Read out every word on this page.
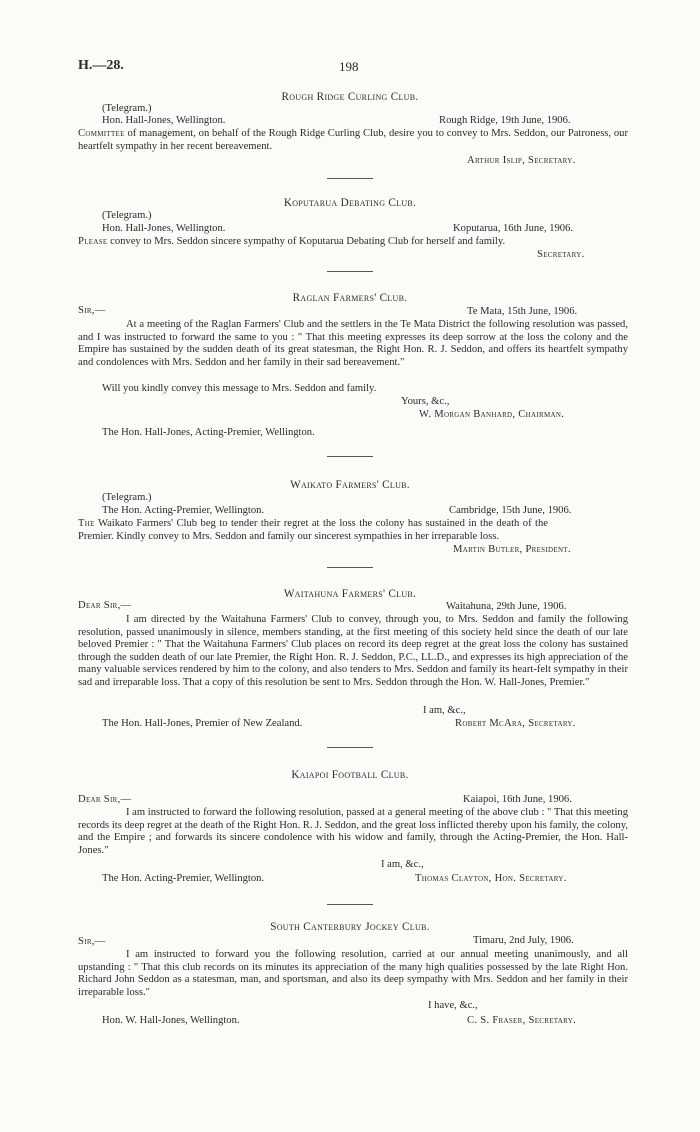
H.—28.	198
Rough Ridge Curling Club.
(Telegram.)
Hon. Hall-Jones, Wellington.	Rough Ridge, 19th June, 1906.
Committee of management, on behalf of the Rough Ridge Curling Club, desire you to convey to Mrs. Seddon, our Patroness, our heartfelt sympathy in her recent bereavement.
Arthur Islip, Secretary.
Koputarua Debating Club.
(Telegram.)
Hon. Hall-Jones, Wellington.	Koputarua, 16th June, 1906.
Please convey to Mrs. Seddon sincere sympathy of Koputarua Debating Club for herself and family.
Secretary.
Raglan Farmers' Club.
Sir,—	Te Mata, 15th June, 1906.
At a meeting of the Raglan Farmers' Club and the settlers in the Te Mata District the following resolution was passed, and I was instructed to forward the same to you : " That this meeting expresses its deep sorrow at the loss the colony and the Empire has sustained by the sudden death of its great statesman, the Right Hon. R. J. Seddon, and offers its heartfelt sympathy and condolences with Mrs. Seddon and her family in their sad bereavement."
Will you kindly convey this message to Mrs. Seddon and family.
Yours, &c.,
W. Morgan Banhard, Chairman.
The Hon. Hall-Jones, Acting-Premier, Wellington.
Waikato Farmers' Club.
(Telegram.)
The Hon. Acting-Premier, Wellington.	Cambridge, 15th June, 1906.
The Waikato Farmers' Club beg to tender their regret at the loss the colony has sustained in the death of the Premier. Kindly convey to Mrs. Seddon and family our sincerest sympathies in her irreparable loss.
Martin Butler, President.
Waitahuna Farmers' Club.
Dear Sir,—	Waitahuna, 29th June, 1906.
I am directed by the Waitahuna Farmers' Club to convey, through you, to Mrs. Seddon and family the following resolution, passed unanimously in silence, members standing, at the first meeting of this society held since the death of our late beloved Premier : " That the Waitahuna Farmers' Club places on record its deep regret at the great loss the colony has sustained through the sudden death of our late Premier, the Right Hon. R. J. Seddon, P.C., LL.D., and expresses its high appreciation of the many valuable services rendered by him to the colony, and also tenders to Mrs. Seddon and family its heart-felt sympathy in their sad and irreparable loss. That a copy of this resolution be sent to Mrs. Seddon through the Hon. W. Hall-Jones, Premier."
I am, &c.,
The Hon. Hall-Jones, Premier of New Zealand.	Robert McAra, Secretary.
Kaiapoi Football Club.
Dear Sir,—	Kaiapoi, 16th June, 1906.
I am instructed to forward the following resolution, passed at a general meeting of the above club : " That this meeting records its deep regret at the death of the Right Hon. R. J. Seddon, and the great loss inflicted thereby upon his family, the colony, and the Empire ; and forwards its sincere condolence with his widow and family, through the Acting-Premier, the Hon. Hall-Jones."
I am, &c.,
The Hon. Acting-Premier, Wellington.	Thomas Clayton, Hon. Secretary.
South Canterbury Jockey Club.
Sir,—	Timaru, 2nd July, 1906.
I am instructed to forward you the following resolution, carried at our annual meeting unanimously, and all upstanding : " That this club records on its minutes its appreciation of the many high qualities possessed by the late Right Hon. Richard John Seddon as a statesman, man, and sportsman, and also its deep sympathy with Mrs. Seddon and her family in their irreparable loss."
I have, &c.,
Hon. W. Hall-Jones, Wellington.	C. S. Fraser, Secretary.
